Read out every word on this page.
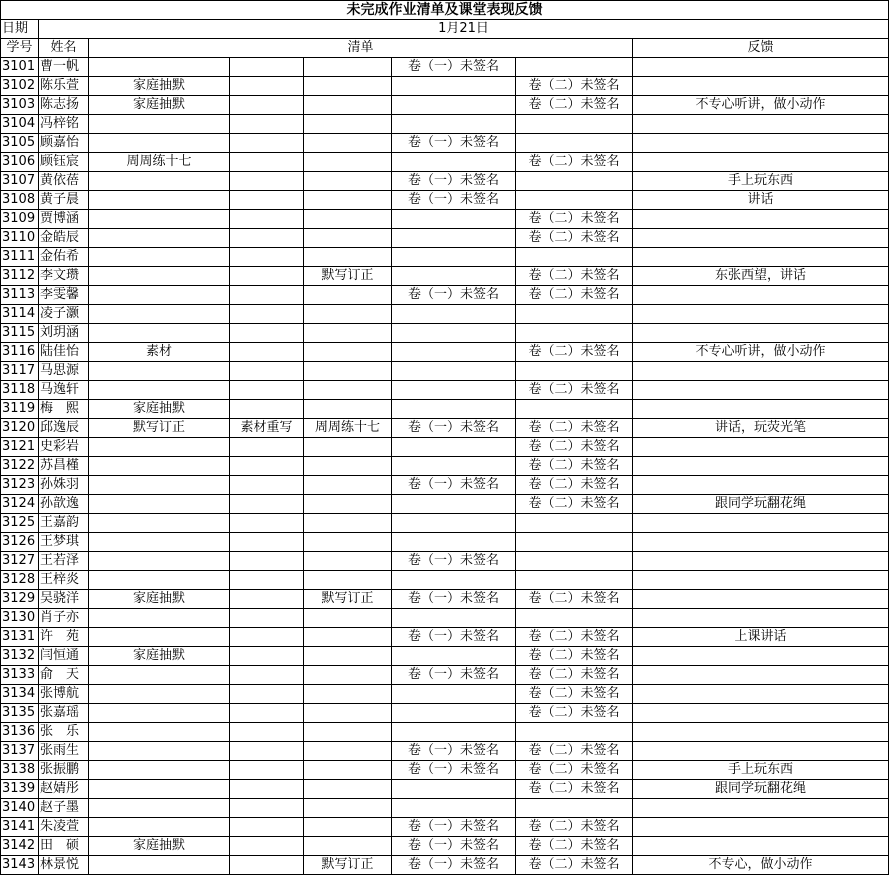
未完成作业清单及课堂表现反馈							
日期	1月21日						
学号	姓名	清单					反馈
3101	曹一帆				卷（一）未签名		
3102	陈乐萱	家庭抽默				卷（二）未签名	
3103	陈志扬	家庭抽默				卷（二）未签名	不专心听讲，做小动作
3104	冯梓铭						
3105	顾嘉怡				卷（一）未签名		
3106	顾钰宸	周周练十七				卷（二）未签名	
3107	黄依蓓				卷（一）未签名		手上玩东西
3108	黄子晨				卷（一）未签名		讲话
3109	贾博涵					卷（二）未签名	
3110	金皓辰					卷（二）未签名	
3111	金佑希						
3112	李文瓒			默写订正		卷（二）未签名	东张西望，讲话
3113	李雯馨				卷（一）未签名	卷（二）未签名	
3114	凌子灏						
3115	刘玥涵						
3116	陆佳怡	素材				卷（二）未签名	不专心听讲，做小动作
3117	马思源						
3118	马逸轩					卷（二）未签名	
3119	梅　熙	家庭抽默					
3120	邱逸辰	默写订正	素材重写	周周练十七	卷（一）未签名	卷（二）未签名	讲话，玩荧光笔
3121	史彩岩					卷（二）未签名	
3122	苏昌槿					卷（二）未签名	
3123	孙姝羽				卷（一）未签名	卷（二）未签名	
3124	孙歆逸					卷（二）未签名	跟同学玩翻花绳
3125	王嘉韵						
3126	王梦琪						
3127	王若泽				卷（一）未签名		
3128	王梓炎						
3129	吴骁洋	家庭抽默		默写订正	卷（一）未签名	卷（二）未签名	
3130	肖子亦						
3131	许　苑				卷（一）未签名	卷（二）未签名	上课讲话
3132	闫恒通	家庭抽默				卷（二）未签名	
3133	俞　天				卷（一）未签名	卷（二）未签名	
3134	张博航					卷（二）未签名	
3135	张嘉瑶					卷（二）未签名	
3136	张　乐						
3137	张雨生				卷（一）未签名	卷（二）未签名	
3138	张振鹏				卷（一）未签名	卷（二）未签名	手上玩东西
3139	赵婧彤					卷（二）未签名	跟同学玩翻花绳
3140	赵子墨						
3141	朱凌萱				卷（一）未签名	卷（二）未签名	
3142	田　硕	家庭抽默			卷（一）未签名	卷（二）未签名	
3143	林景悦			默写订正	卷（一）未签名	卷（二）未签名	不专心，做小动作
